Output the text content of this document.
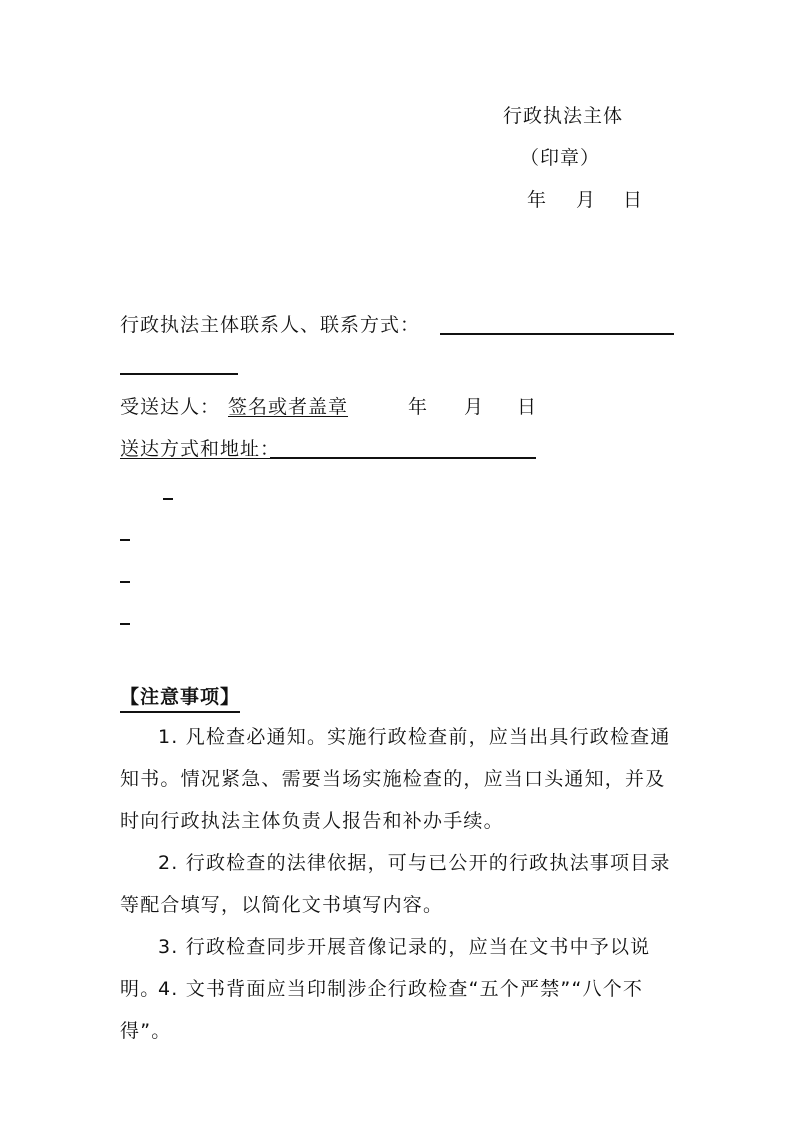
行政执法主体
（印章）
年 月 日
行政执法主体联系人、联系方式：
受送达人： 签名或者盖章	年 月 日
送达方式和地址：
【注意事项】
1. 凡检查必通知。实施行政检查前，应当出具行政检查通知书。情况紧急、需要当场实施检查的，应当口头通知，并及时向行政执法主体负责人报告和补办手续。
2. 行政检查的法律依据，可与已公开的行政执法事项目录等配合填写，以简化文书填写内容。
3. 行政检查同步开展音像记录的，应当在文书中予以说明。
4. 文书背面应当印制涉企行政检查“五个严禁”“八个不得”。
